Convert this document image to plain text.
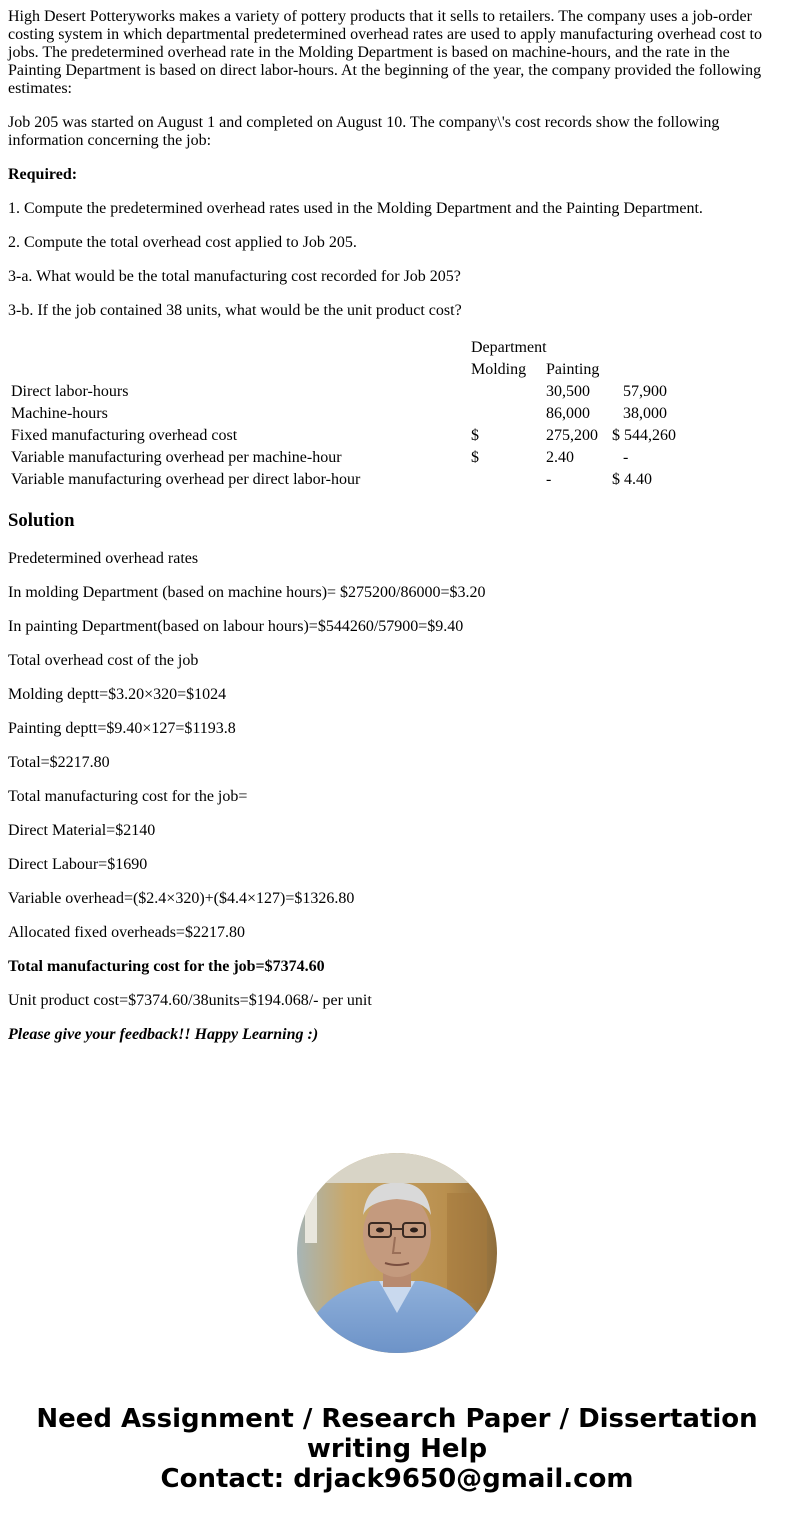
High Desert Potteryworks makes a variety of pottery products that it sells to retailers. The company uses a job-order costing system in which departmental predetermined overhead rates are used to apply manufacturing overhead cost to jobs. The predetermined overhead rate in the Molding Department is based on machine-hours, and the rate in the Painting Department is based on direct labor-hours. At the beginning of the year, the company provided the following estimates:

Job 205 was started on August 1 and completed on August 10. The company\'s cost records show the following information concerning the job:

Required:

1. Compute the predetermined overhead rates used in the Molding Department and the Painting Department.

2. Compute the total overhead cost applied to Job 205.

3-a. What would be the total manufacturing cost recorded for Job 205?

3-b. If the job contained 38 units, what would be the unit product cost?

	Department		
	Molding	Painting	
Direct labor-hours		30,500	57,900
Machine-hours		86,000	38,000
Fixed manufacturing overhead cost	$	275,200	$ 544,260
Variable manufacturing overhead per machine-hour	$	2.40	-
Variable manufacturing overhead per direct labor-hour		-	$ 4.40
Solution

Predetermined overhead rates

In molding Department (based on machine hours)= $275200/86000=$3.20

In painting Department(based on labour hours)=$544260/57900=$9.40

Total overhead cost of the job

Molding deptt=$3.20×320=$1024

Painting deptt=$9.40×127=$1193.8

Total=$2217.80

Total manufacturing cost for the job=

Direct Material=$2140

Direct Labour=$1690

Variable overhead=($2.4×320)+($4.4×127)=$1326.80

Allocated fixed overheads=$2217.80

Total manufacturing cost for the job=$7374.60

Unit product cost=$7374.60/38units=$194.068/- per unit

Please give your feedback!! Happy Learning :)

Need Assignment / Research Paper / Dissertation
writing Help
Contact: drjack9650@gmail.com
